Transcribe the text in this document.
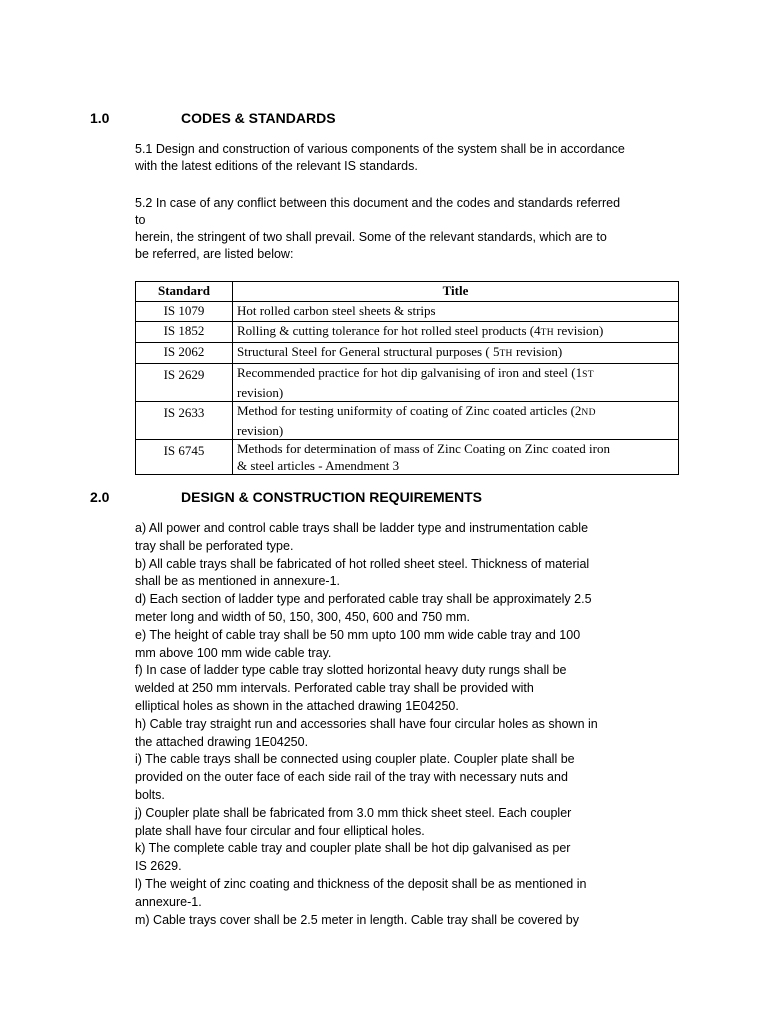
1.0	CODES & STANDARDS
5.1 Design and construction of various components of the system shall be in accordance
with the latest editions of the relevant IS standards.
5.2 In case of any conflict between this document and the codes and standards referred
to
herein, the stringent of two shall prevail. Some of the relevant standards, which are to
be referred, are listed below:
Standard	Title
IS 1079	Hot rolled carbon steel sheets & strips
IS 1852	Rolling & cutting tolerance for hot rolled steel products (4TH revision)
IS 2062	Structural Steel for General structural purposes ( 5TH revision)
IS 2629	Recommended practice for hot dip galvanising of iron and steel (1ST
revision)
IS 2633	Method for testing uniformity of coating of Zinc coated articles (2ND
revision)
IS 6745	Methods for determination of mass of Zinc Coating on Zinc coated iron
& steel articles - Amendment 3
2.0	DESIGN & CONSTRUCTION REQUIREMENTS
a) All power and control cable trays shall be ladder type and instrumentation cable
tray shall be perforated type.
b) All cable trays shall be fabricated of hot rolled sheet steel. Thickness of material
shall be as mentioned in annexure-1.
d) Each section of ladder type and perforated cable tray shall be approximately 2.5
meter long and width of 50, 150, 300, 450, 600 and 750 mm.
e) The height of cable tray shall be 50 mm upto 100 mm wide cable tray and 100
mm above 100 mm wide cable tray.
f) In case of ladder type cable tray slotted horizontal heavy duty rungs shall be
welded at 250 mm intervals. Perforated cable tray shall be provided with
elliptical holes as shown in the attached drawing 1E04250.
h) Cable tray straight run and accessories shall have four circular holes as shown in
the attached drawing 1E04250.
i) The cable trays shall be connected using coupler plate. Coupler plate shall be
provided on the outer face of each side rail of the tray with necessary nuts and
bolts.
j) Coupler plate shall be fabricated from 3.0 mm thick sheet steel. Each coupler
plate shall have four circular and four elliptical holes.
k) The complete cable tray and coupler plate shall be hot dip galvanised as per
IS 2629.
l) The weight of zinc coating and thickness of the deposit shall be as mentioned in
annexure-1.
m) Cable trays cover shall be 2.5 meter in length. Cable tray shall be covered by
